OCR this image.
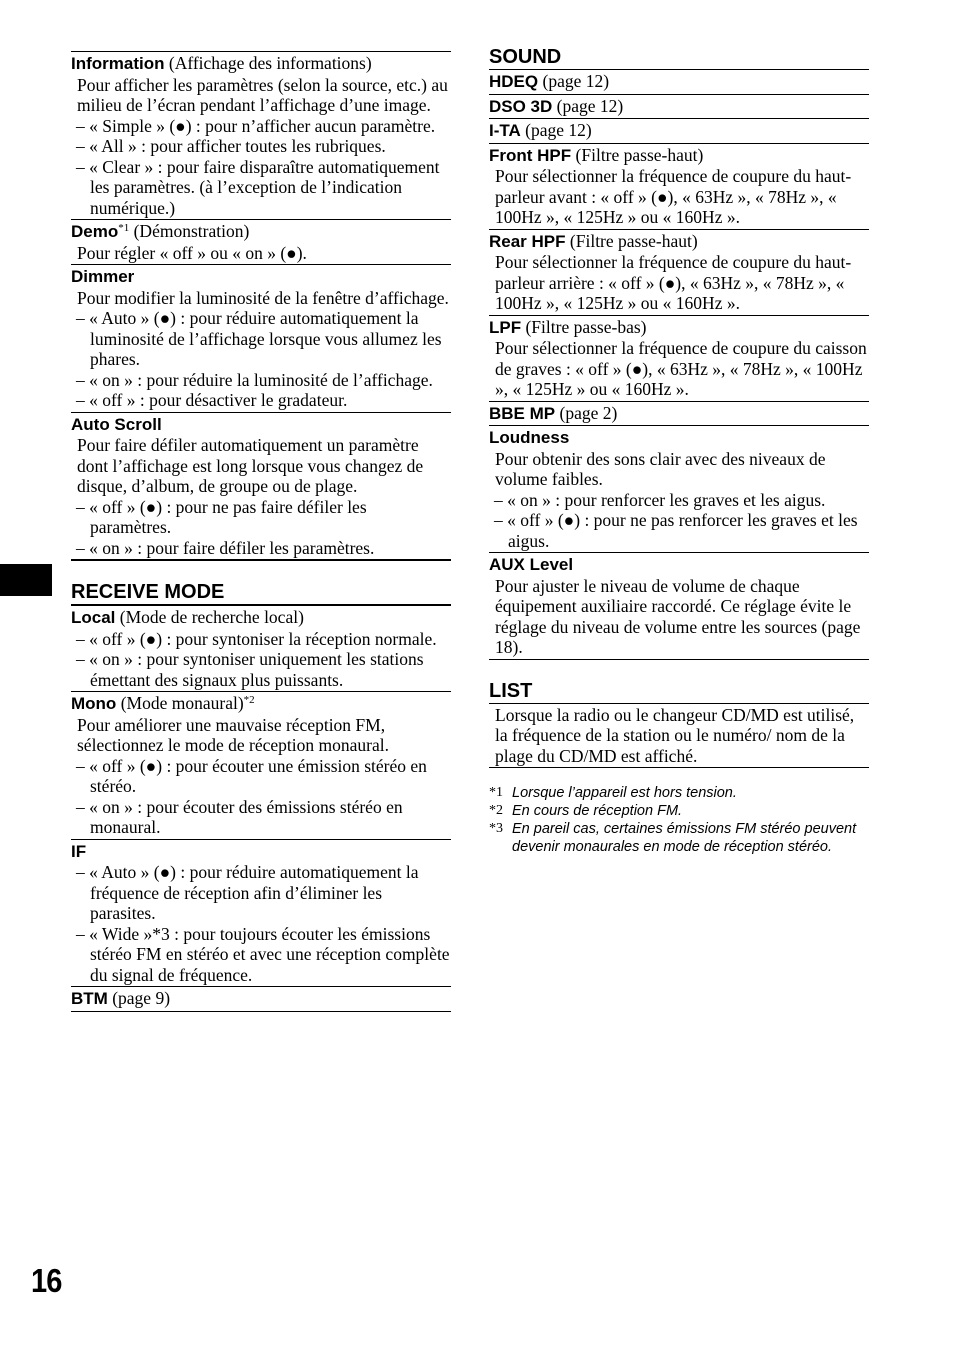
Information (Affichage des informations)
Pour afficher les paramètres (selon la source, etc.) au milieu de l’écran pendant l’affichage d’une image.
– « Simple » (●) : pour n’afficher aucun paramètre.
– « All » : pour afficher toutes les rubriques.
– « Clear » : pour faire disparaître automatiquement les paramètres. (à l’exception de l’indication numérique.)
Demo$^{*1}$ (Démonstration)
Pour régler « off » ou « on » (●).
Dimmer
Pour modifier la luminosité de la fenêtre d’affichage.
– « Auto » (●) : pour réduire automatiquement la luminosité de l’affichage lorsque vous allumez les phares.
– « on » : pour réduire la luminosité de l’affichage.
– « off » : pour désactiver le gradateur.
Auto Scroll
Pour faire défiler automatiquement un paramètre dont l’affichage est long lorsque vous changez de disque, d’album, de groupe ou de plage.
– « off » (●) : pour ne pas faire défiler les paramètres.
– « on » : pour faire défiler les paramètres.
RECEIVE MODE
Local (Mode de recherche local)
– « off » (●) : pour syntoniser la réception normale.
– « on » : pour syntoniser uniquement les stations émettant des signaux plus puissants.
Mono (Mode monaural)$^{*2}$
Pour améliorer une mauvaise réception FM, sélectionnez le mode de réception monaural.
– « off » (●) : pour écouter une émission stéréo en stéréo.
– « on » : pour écouter des émissions stéréo en monaural.
IF
– « Auto » (●) : pour réduire automatiquement la fréquence de réception afin d’éliminer les parasites.
– « Wide »*3 : pour toujours écouter les émissions stéréo FM en stéréo et avec une réception complète du signal de fréquence.
BTM (page 9)
SOUND
HDEQ (page 12)
DSO 3D (page 12)
I-TA (page 12)
Front HPF (Filtre passe-haut)
Pour sélectionner la fréquence de coupure du haut-parleur avant : « off » (●), « 63Hz », « 78Hz », « 100Hz », « 125Hz » ou « 160Hz ».
Rear HPF (Filtre passe-haut)
Pour sélectionner la fréquence de coupure du haut-parleur arrière : « off » (●), « 63Hz », « 78Hz », « 100Hz », « 125Hz » ou « 160Hz ».
LPF (Filtre passe-bas)
Pour sélectionner la fréquence de coupure du caisson de graves : « off » (●), « 63Hz », « 78Hz », « 100Hz », « 125Hz » ou « 160Hz ».
BBE MP (page 2)
Loudness
Pour obtenir des sons clair avec des niveaux de volume faibles.
– « on » : pour renforcer les graves et les aigus.
– « off » (●) : pour ne pas renforcer les graves et les aigus.
AUX Level
Pour ajuster le niveau de volume de chaque équipement auxiliaire raccordé. Ce réglage évite le réglage du niveau de volume entre les sources (page 18).
LIST
Lorsque la radio ou le changeur CD/MD est utilisé, la fréquence de la station ou le numéro/ nom de la plage du CD/MD est affiché.
*1 Lorsque l’appareil est hors tension.
*2 En cours de réception FM.
*3 En pareil cas, certaines émissions FM stéréo peuvent devenir monaurales en mode de réception stéréo.
16
